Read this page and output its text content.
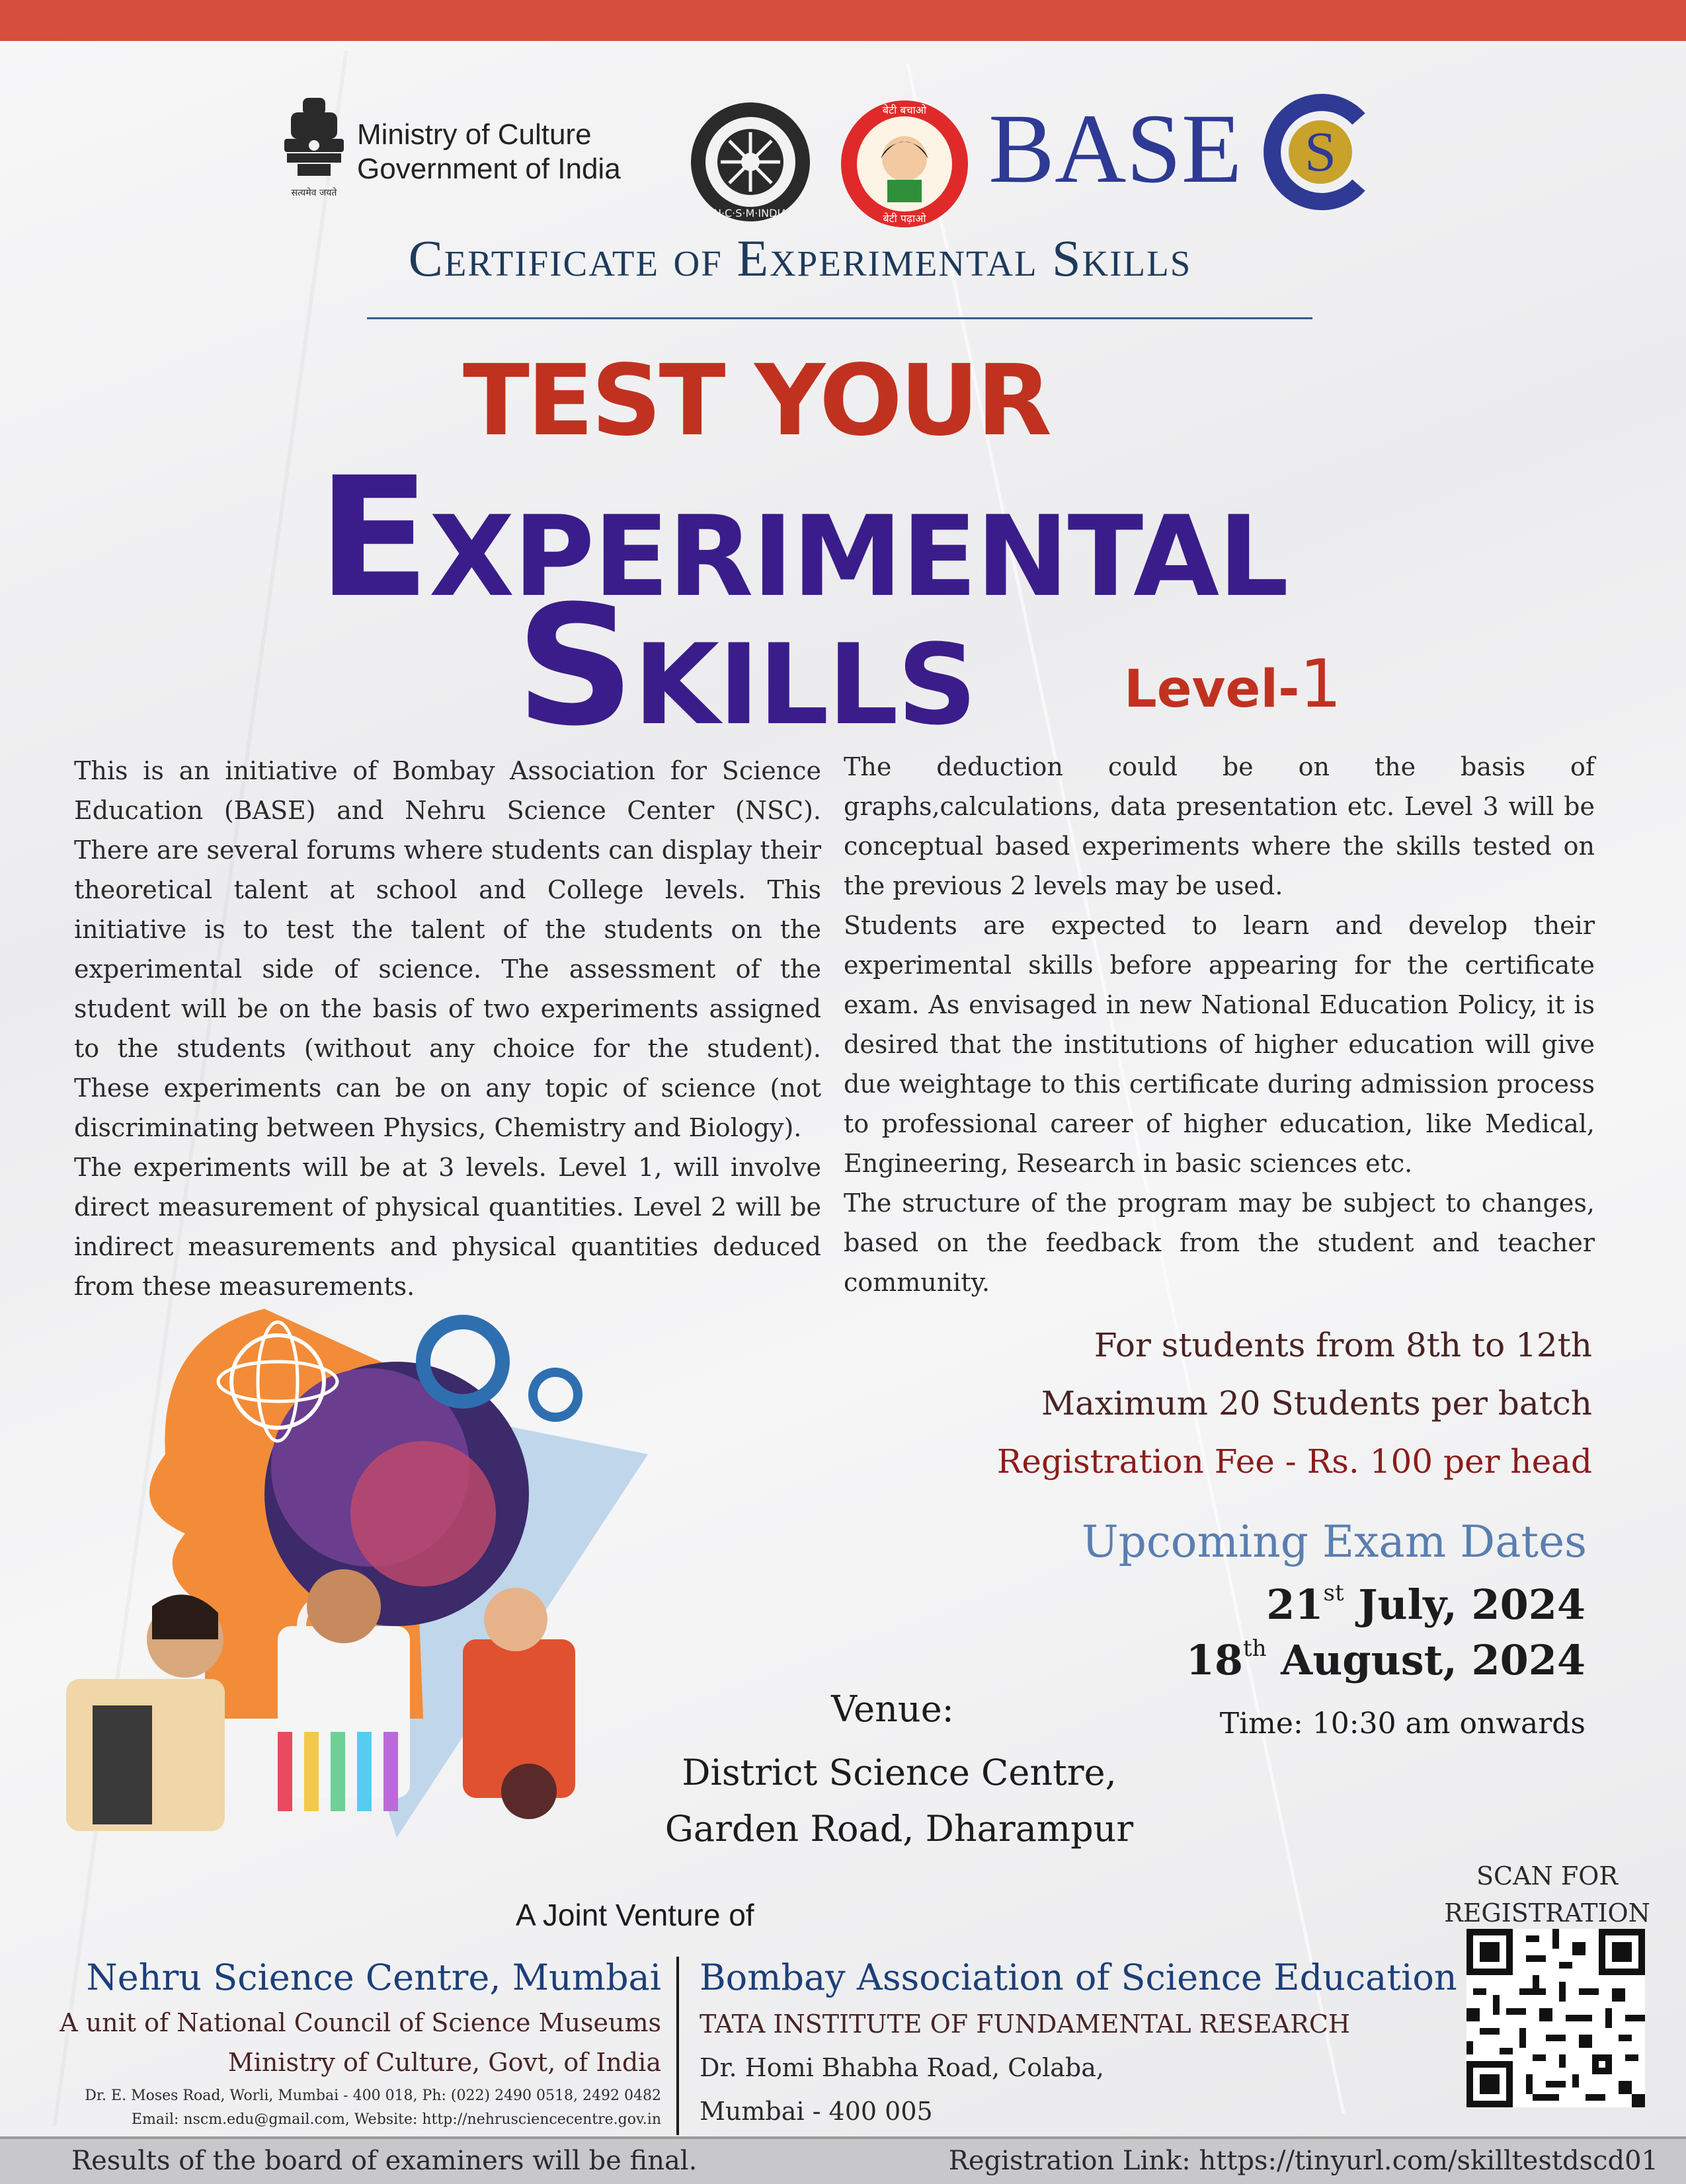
सत्यमेव जयते
Ministry of Culture
Government of India
N·C·S·M·INDIA
बेटी बचाओ
बेटी पढ़ाओ
BASE S
Certificate of Experimental Skills
TEST YOUR
EXPERIMENTAL
SKILLS	Level-1

This is an initiative of Bombay Association for Science Education (BASE) and Nehru Science Center (NSC). There are several forums where students can display their theoretical talent at school and College levels. This initiative is to test the talent of the students on the experimental side of science. The assessment of the student will be on the basis of two experiments assigned to the students (without any choice for the student). These experiments can be on any topic of science (not discriminating between Physics, Chemistry and Biology).

The experiments will be at 3 levels. Level 1, will involve direct measurement of physical quantities. Level 2 will be indirect measurements and physical quantities deduced from these measurements.

The deduction could be on the basis of graphs,calculations, data presentation etc. Level 3 will be conceptual based experiments where the skills tested on the previous 2 levels may be used.

Students are expected to learn and develop their experimental skills before appearing for the certificate exam. As envisaged in new National Education Policy, it is desired that the institutions of higher education will give due weightage to this certificate during admission process to professional career of higher education, like Medical, Engineering, Research in basic sciences etc.

The structure of the program may be subject to changes, based on the feedback from the student and teacher community.

For students from 8th to 12th
Maximum 20 Students per batch
Registration Fee - Rs. 100 per head
Upcoming Exam Dates
21st July, 2024
18th August, 2024
Time: 10:30 am onwards
Venue:
District Science Centre,
Garden Road, Dharampur
A Joint Venture of
Nehru Science Centre, Mumbai
A unit of National Council of Science Museums
Ministry of Culture, Govt, of India
Dr. E. Moses Road, Worli, Mumbai - 400 018, Ph: (022) 2490 0518, 2492 0482
Email: nscm.edu@gmail.com, Website: http://nehrusciencecentre.gov.in
Bombay Association of Science Education
TATA INSTITUTE OF FUNDAMENTAL RESEARCH
Dr. Homi Bhabha Road, Colaba,
Mumbai - 400 005
SCAN FOR
REGISTRATION
Results of the board of examiners will be final.	Registration Link: https://tinyurl.com/skilltestdscd01
